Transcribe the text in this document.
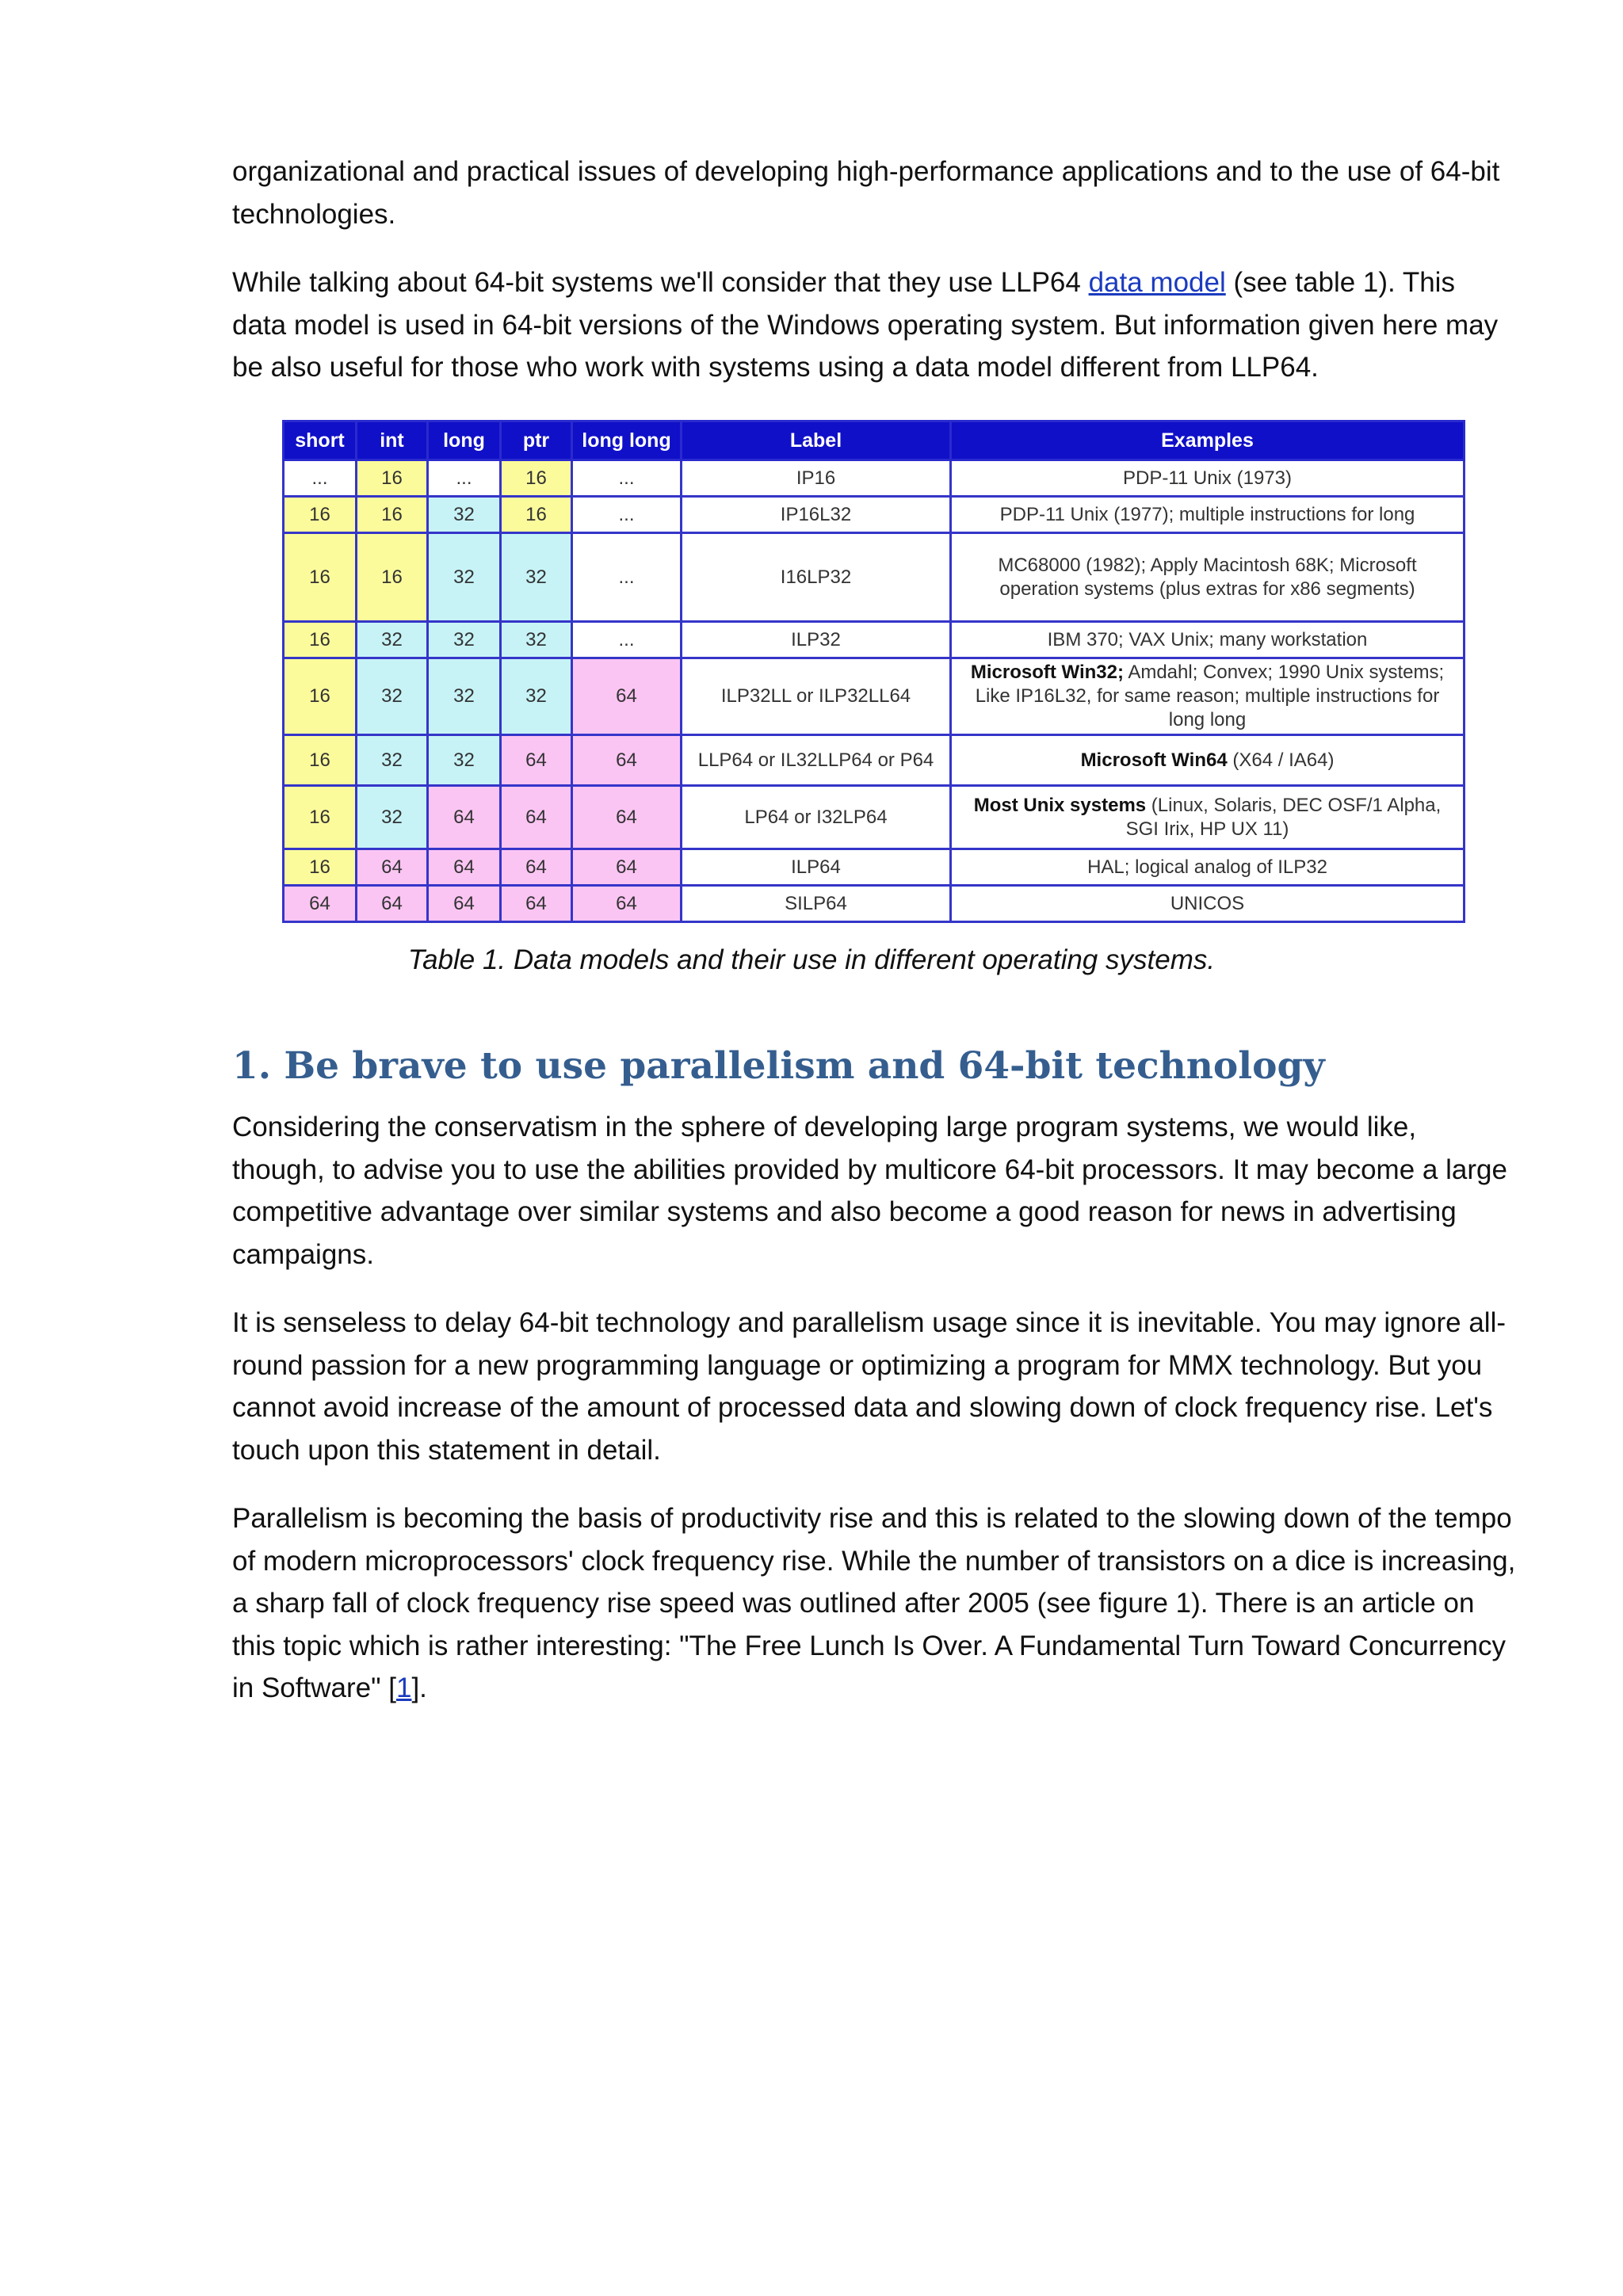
organizational and practical issues of developing high-performance applications and to the use of 64-bit technologies.

While talking about 64-bit systems we'll consider that they use LLP64 data model (see table 1). This data model is used in 64-bit versions of the Windows operating system. But information given here may be also useful for those who work with systems using a data model different from LLP64.

short	int	long	ptr	long long	Label	Examples
...	16	...	16	...	IP16	PDP-11 Unix (1973)
16	16	32	16	...	IP16L32	PDP-11 Unix (1977); multiple instructions for long
16	16	32	32	...	I16LP32	MC68000 (1982); Apply Macintosh 68K; Microsoft operation systems (plus extras for x86 segments)
16	32	32	32	...	ILP32	IBM 370; VAX Unix; many workstation
16	32	32	32	64	ILP32LL or ILP32LL64	Microsoft Win32; Amdahl; Convex; 1990 Unix systems; Like IP16L32, for same reason; multiple instructions for long long
16	32	32	64	64	LLP64 or IL32LLP64 or P64	Microsoft Win64 (X64 / IA64)
16	32	64	64	64	LP64 or I32LP64	Most Unix systems (Linux, Solaris, DEC OSF/1 Alpha, SGI Irix, HP UX 11)
16	64	64	64	64	ILP64	HAL; logical analog of ILP32
64	64	64	64	64	SILP64	UNICOS
Table 1. Data models and their use in different operating systems.
1. Be brave to use parallelism and 64-bit technology

Considering the conservatism in the sphere of developing large program systems, we would like, though, to advise you to use the abilities provided by multicore 64-bit processors. It may become a large competitive advantage over similar systems and also become a good reason for news in advertising campaigns.

It is senseless to delay 64-bit technology and parallelism usage since it is inevitable. You may ignore all-round passion for a new programming language or optimizing a program for MMX technology. But you cannot avoid increase of the amount of processed data and slowing down of clock frequency rise. Let's touch upon this statement in detail.

Parallelism is becoming the basis of productivity rise and this is related to the slowing down of the tempo of modern microprocessors' clock frequency rise. While the number of transistors on a dice is increasing, a sharp fall of clock frequency rise speed was outlined after 2005 (see figure 1). There is an article on this topic which is rather interesting: "The Free Lunch Is Over. A Fundamental Turn Toward Concurrency in Software" [1].
